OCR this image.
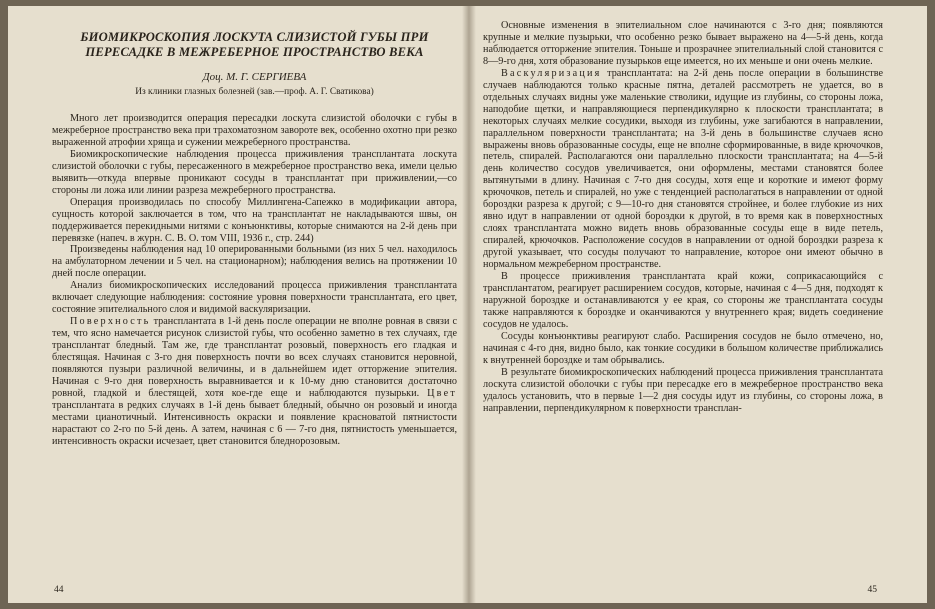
БИОМИКРОСКОПИЯ ЛОСКУТА СЛИЗИСТОЙ ГУБЫ ПРИ ПЕРЕСАДКЕ В МЕЖРЕБЕРНОЕ ПРОСТРАНСТВО ВЕКА

Доц. М. Г. СЕРГИЕВА

Из клиники глазных болезней (зав.—проф. А. Г. Сватикова)

Много лет производится операция пересадки лоскута слизистой оболочки с губы в межреберное пространство века при трахоматозном завороте век, особенно охотно при резко выраженной атрофии хряща и сужении межреберного пространства.

Биомикроскопические наблюдения процесса приживления трансплантата лоскута слизистой оболочки с губы, пересаженного в межреберное пространство века, имели целью выявить—откуда впервые проникают сосуды в трансплантат при приживлении,—со стороны ли ложа или линии разреза межреберного пространства.

Операция производилась по способу Миллингена-Сапежко в модификации автора, сущность которой заключается в том, что на трансплантат не накладываются швы, он поддерживается перекидными нитями с конъюнктивы, которые снимаются на 2-й день при перевязке (напеч. в журн. С. В. О. том VIII, 1936 г., стр. 244)

Произведены наблюдения над 10 оперированными больными (из них 5 чел. находилось на амбулаторном лечении и 5 чел. на стационарном); наблюдения велись на протяжении 10 дней после операции.

Анализ биомикроскопических исследований процесса приживления трансплантата включает следующие наблюдения: состояние уровня поверхности трансплантата, его цвет, состояние эпителиального слоя и видимой васкуляризации.

Поверхность трансплантата в 1-й день после операции не вполне ровная в связи с тем, что ясно намечается рисунок слизистой губы, что особенно заметно в тех случаях, где трансплантат бледный. Там же, где трансплантат розовый, поверхность его гладкая и блестящая. Начиная с 3-го дня поверхность почти во всех случаях становится неровной, появляются пузыри различной величины, и в дальнейшем идет отторжение эпителия. Начиная с 9-го дня поверхность выравнивается и к 10-му дню становится достаточно ровной, гладкой и блестящей, хотя кое-где еще и наблюдаются пузырьки. Цвет трансплантата в редких случаях в 1-й день бывает бледный, обычно он розовый и иногда местами цианотичный. Интенсивность окраски и появление красноватой пятнистости нарастают со 2-го по 5-й день. А затем, начиная с 6 — 7-го дня, пятнистость уменьшается, интенсивность окраски исчезает, цвет становится бледнорозовым.

44

Основные изменения в эпителиальном слое начинаются с 3-го дня; появляются крупные и мелкие пузырьки, что особенно резко бывает выражено на 4—5-й день, когда наблюдается отторжение эпителия. Тоньше и прозрачнее эпителиальный слой становится с 8—9-го дня, хотя образование пузырьков еще имеется, но их меньше и они очень мелкие.

Васкуляризация трансплантата: на 2-й день после операции в большинстве случаев наблюдаются только красные пятна, деталей рассмотреть не удается, во в отдельных случаях видны уже маленькие стволики, идущие из глубины, со стороны ложа, наподобие щетки, и направляющиеся перпендикулярно к плоскости трансплантата; в некоторых случаях мелкие сосудики, выходя из глубины, уже загибаются в направлении, параллельном поверхности трансплантата; на 3-й день в большинстве случаев ясно выражены вновь образованные сосуды, еще не вполне сформированные, в виде крючочков, петель, спиралей. Располагаются они параллельно плоскости трансплантата; на 4—5-й день количество сосудов увеличивается, они оформлены, местами становятся более вытянутыми в длину. Начиная с 7-го дня сосуды, хотя еще и короткие и имеют форму крючочков, петель и спиралей, но уже с тенденцией располагаться в направлении от одной бороздки разреза к другой; с 9—10-го дня становятся стройнее, и более глубокие из них явно идут в направлении от одной бороздки к другой, в то время как в поверхностных слоях трансплантата можно видеть вновь образованные сосуды еще в виде петель, спиралей, крючочков. Расположение сосудов в направлении от одной бороздки разреза к другой указывает, что сосуды получают то направление, которое они имеют обычно в нормальном межреберном пространстве.

В процессе приживления трансплантата край кожи, соприкасающийся с трансплантатом, реагирует расширением сосудов, которые, начиная с 4—5 дня, подходят к наружной бороздке и останавливаются у ее края, со стороны же трансплантата сосуды также направляются к бороздке и оканчиваются у внутреннего края; видеть соединение сосудов не удалось.

Сосуды конъюнктивы реагируют слабо. Расширения сосудов не было отмечено, но, начиная с 4-го дня, видно было, как тонкие сосудики в большом количестве приближались к внутренней бороздке и там обрывались.

В результате биомикроскопических наблюдений процесса приживления трансплантата лоскута слизистой оболочки с губы при пересадке его в межреберное пространство века удалось установить, что в первые 1—2 дня сосуды идут из глубины, со стороны ложа, в направлении, перпендикулярном к поверхности трансплан-

45
